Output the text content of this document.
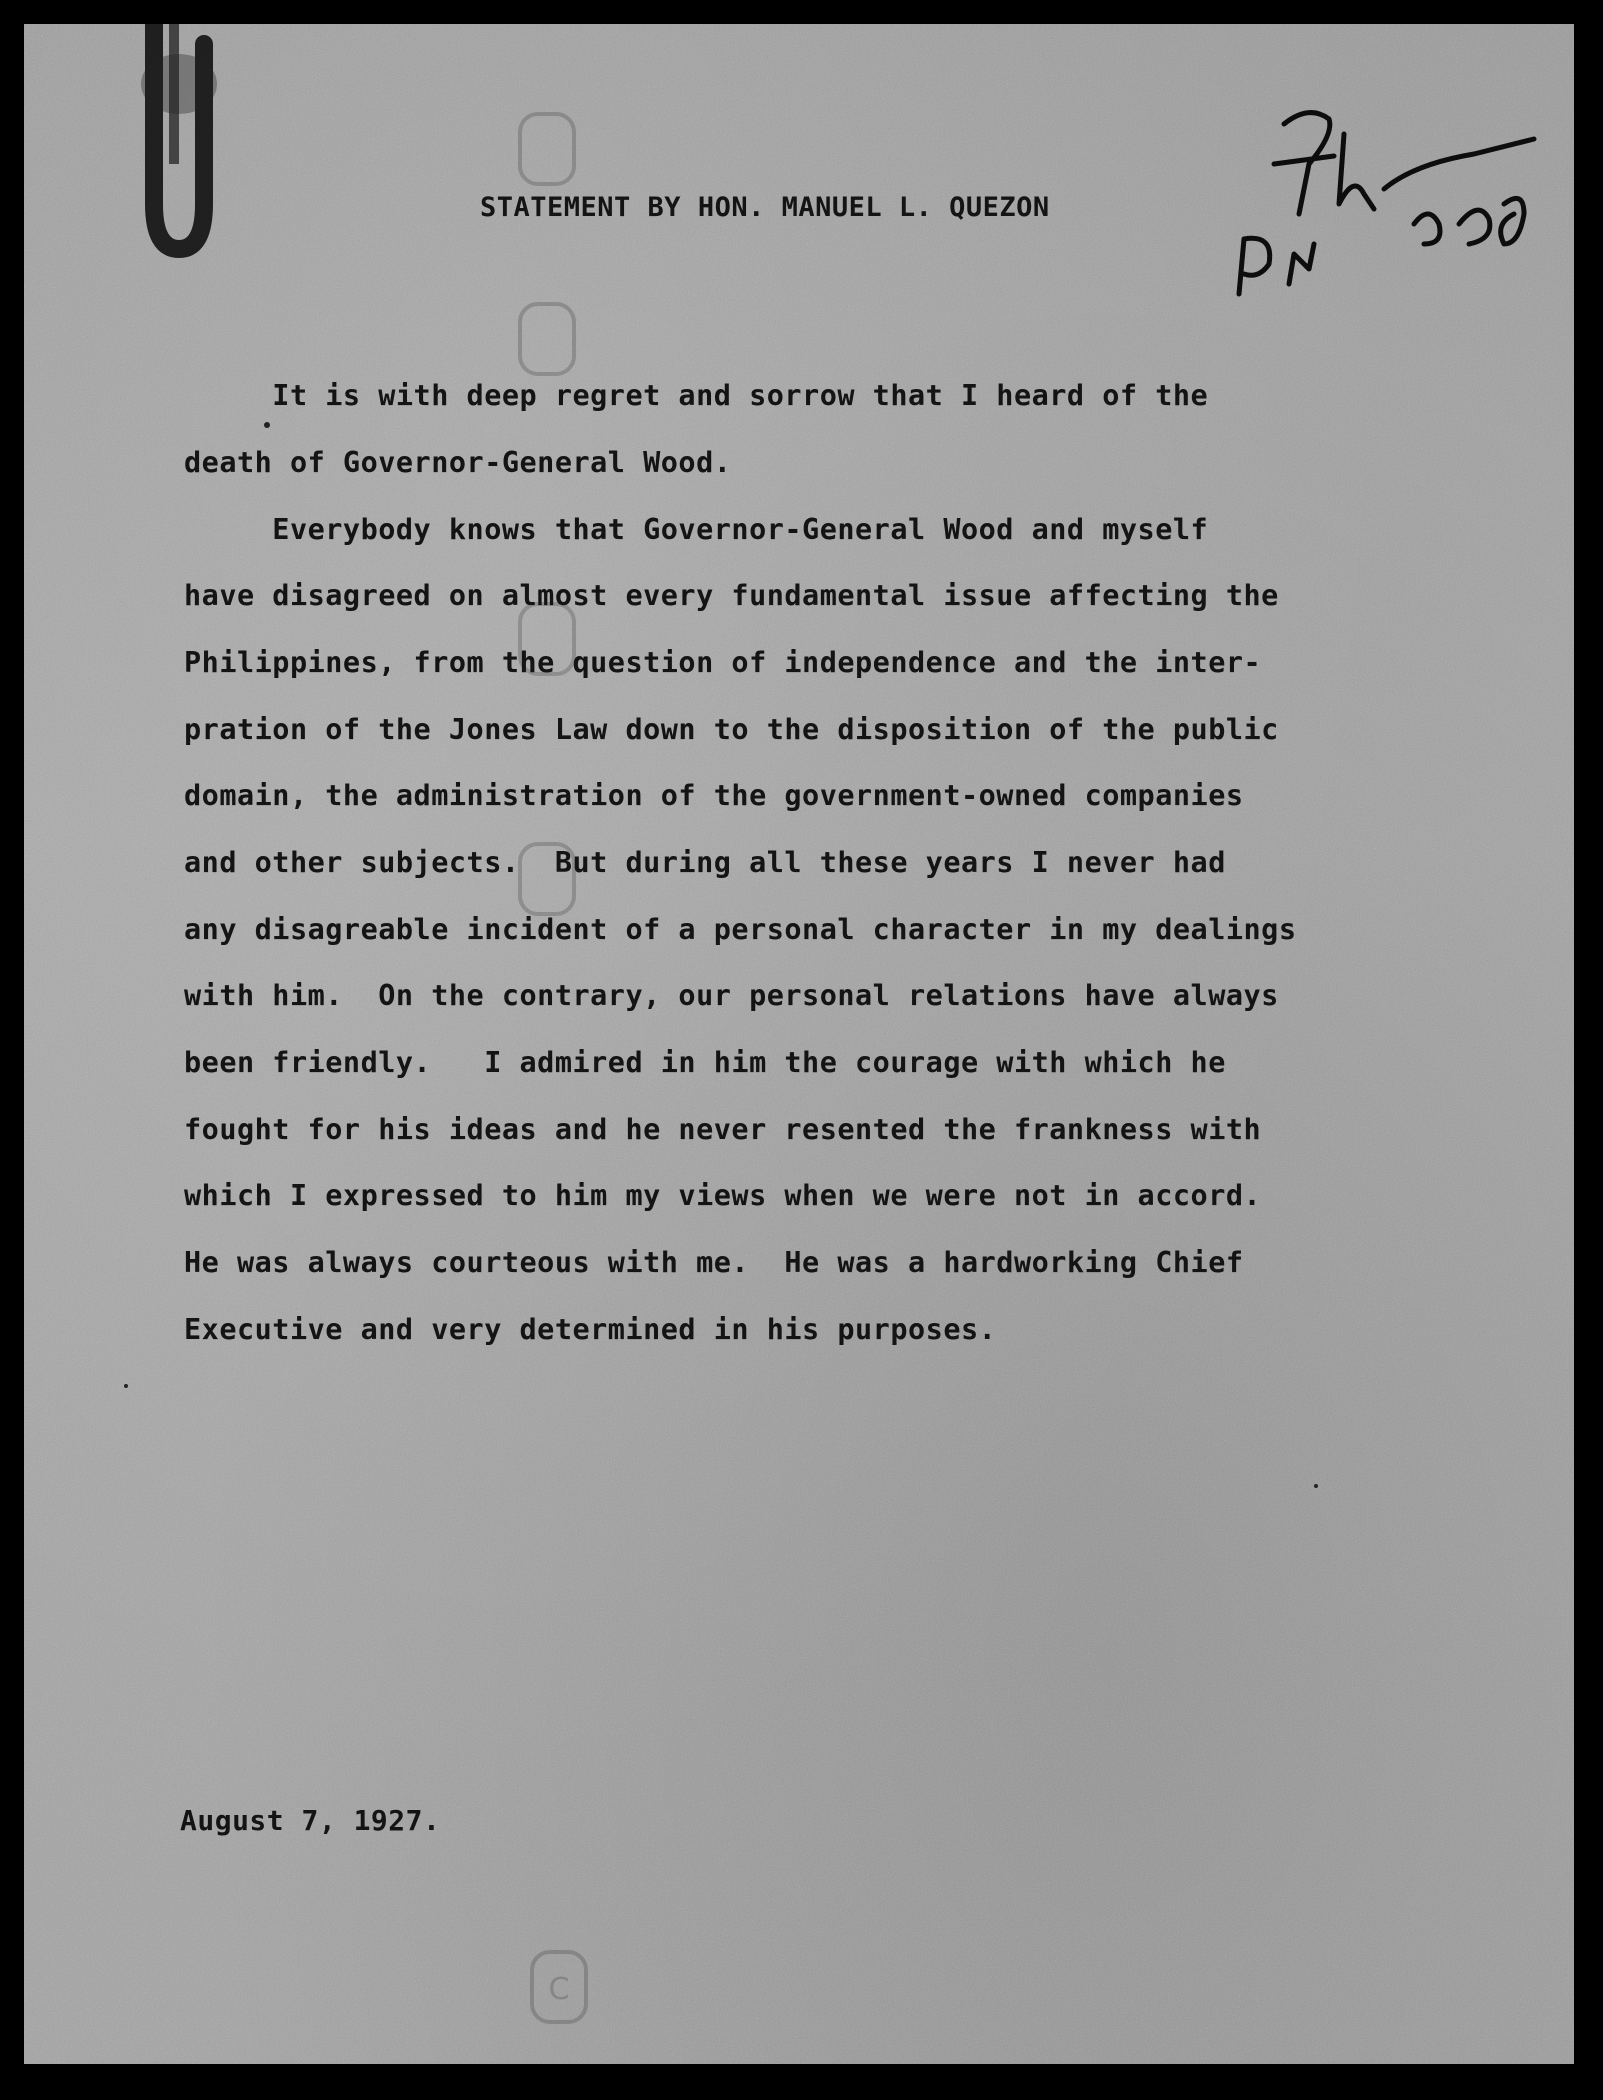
C
STATEMENT BY HON. MANUEL L. QUEZON
It is with deep regret and sorrow that I heard of the
death of Governor-General Wood.
Everybody knows that Governor-General Wood and myself
have disagreed on almost every fundamental issue affecting the
Philippines, from the question of independence and the inter-
pration of the Jones Law down to the disposition of the public
domain, the administration of the government-owned companies
and other subjects.  But during all these years I never had
any disagreable incident of a personal character in my dealings
with him.  On the contrary, our personal relations have always
been friendly.   I admired in him the courage with which he
fought for his ideas and he never resented the frankness with
which I expressed to him my views when we were not in accord.
He was always courteous with me.  He was a hardworking Chief
Executive and very determined in his purposes.
August 7, 1927.
